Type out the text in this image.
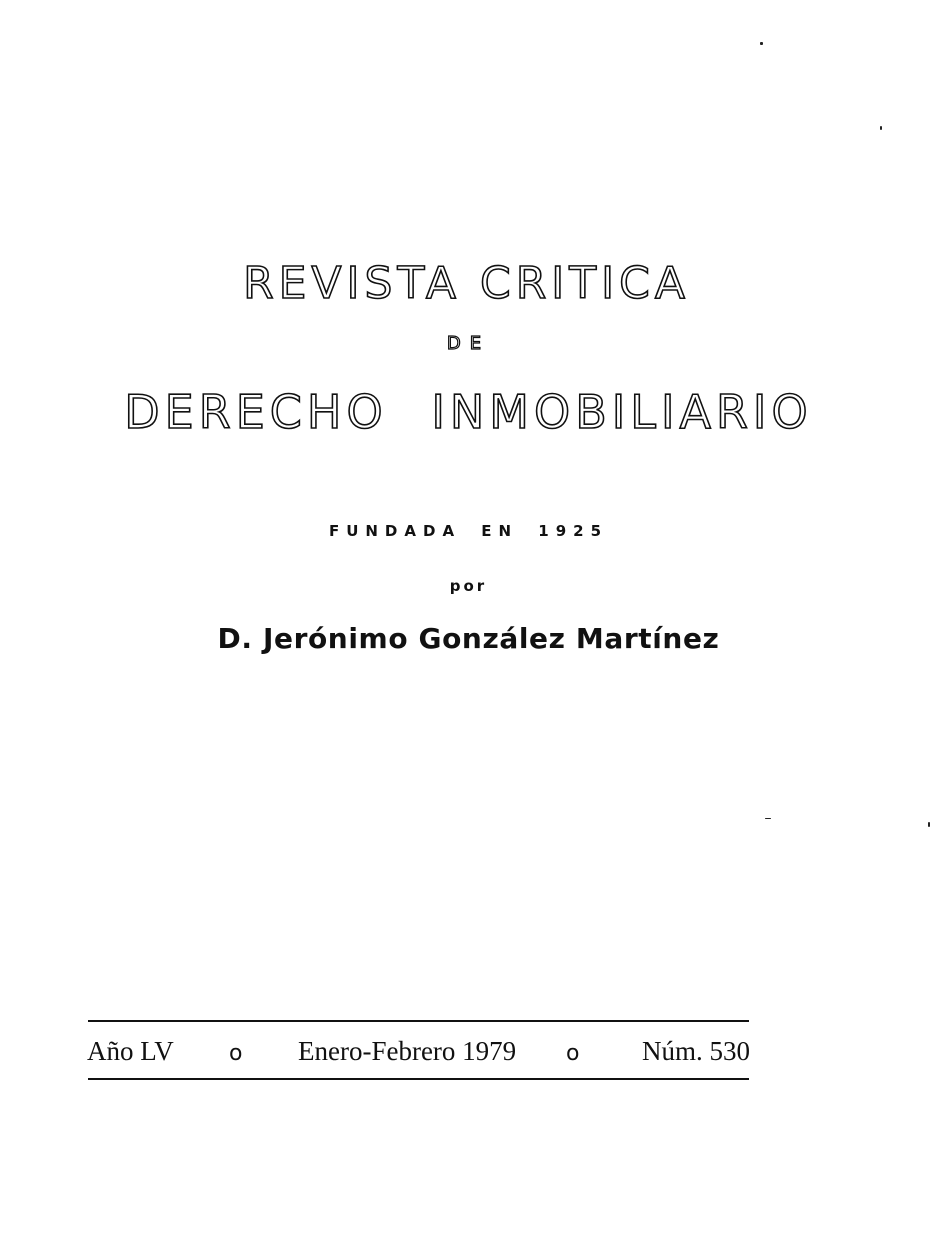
REVISTA CRITICA
DE
DERECHO INMOBILIARIO
FUNDADA EN 1925
por
D. Jerónimo González Martínez
Año LV	o Enero-Febrero 1979 o Núm. 530
